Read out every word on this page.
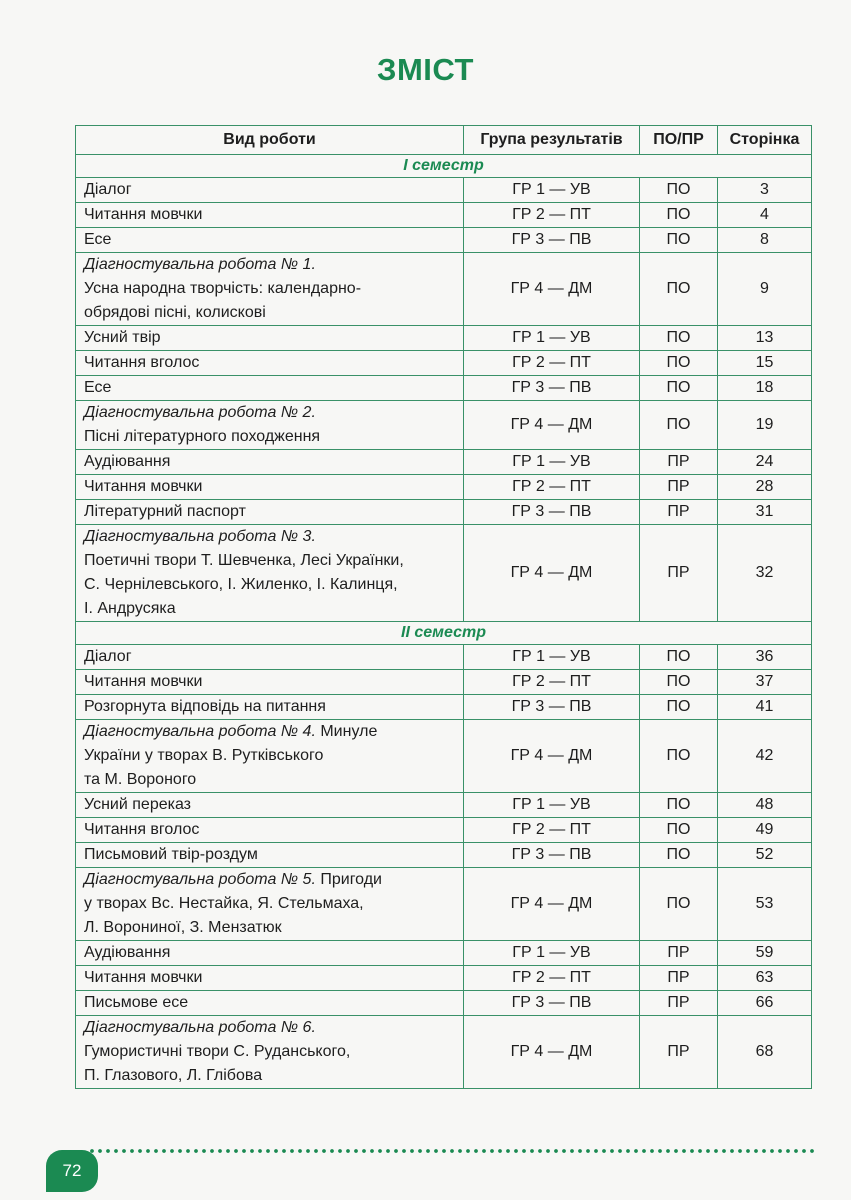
ЗМІСТ
Вид роботи	Група результатів	ПО/ПР	Сторінка
І семестр			

Діалог	ГР 1 — УВ	ПО	3

Читання мовчки	ГР 2 — ПТ	ПО	4

Есе	ГР 3 — ПВ	ПО	8

Діагностувальна робота № 1.
Усна народна творчість: календарно-
обрядові пісні, колискові	ГР 4 — ДМ	ПО	9

Усний твір	ГР 1 — УВ	ПО	13

Читання вголос	ГР 2 — ПТ	ПО	15

Есе	ГР 3 — ПВ	ПО	18

Діагностувальна робота № 2.
Пісні літературного походження	ГР 4 — ДМ	ПО	19

Аудіювання	ГР 1 — УВ	ПР	24

Читання мовчки	ГР 2 — ПТ	ПР	28

Літературний паспорт	ГР 3 — ПВ	ПР	31

Діагностувальна робота № 3.
Поетичні твори Т. Шевченка, Лесі Українки,
С. Чернілевського, І. Жиленко, І. Калинця,
І. Андрусяка	ГР 4 — ДМ	ПР	32
ІІ семестр			

Діалог	ГР 1 — УВ	ПО	36

Читання мовчки	ГР 2 — ПТ	ПО	37

Розгорнута відповідь на питання	ГР 3 — ПВ	ПО	41

Діагностувальна робота № 4. Минуле
України у творах В. Рутківського
та М. Вороного	ГР 4 — ДМ	ПО	42

Усний переказ	ГР 1 — УВ	ПО	48

Читання вголос	ГР 2 — ПТ	ПО	49

Письмовий твір-роздум	ГР 3 — ПВ	ПО	52

Діагностувальна робота № 5. Пригоди
у творах Вс. Нестайка, Я. Стельмаха,
Л. Ворониної, З. Мензатюк	ГР 4 — ДМ	ПО	53

Аудіювання	ГР 1 — УВ	ПР	59

Читання мовчки	ГР 2 — ПТ	ПР	63

Письмове есе	ГР 3 — ПВ	ПР	66

Діагностувальна робота № 6.
Гумористичні твори С. Руданського,
П. Глазового, Л. Глібова	ГР 4 — ДМ	ПР	68
72
